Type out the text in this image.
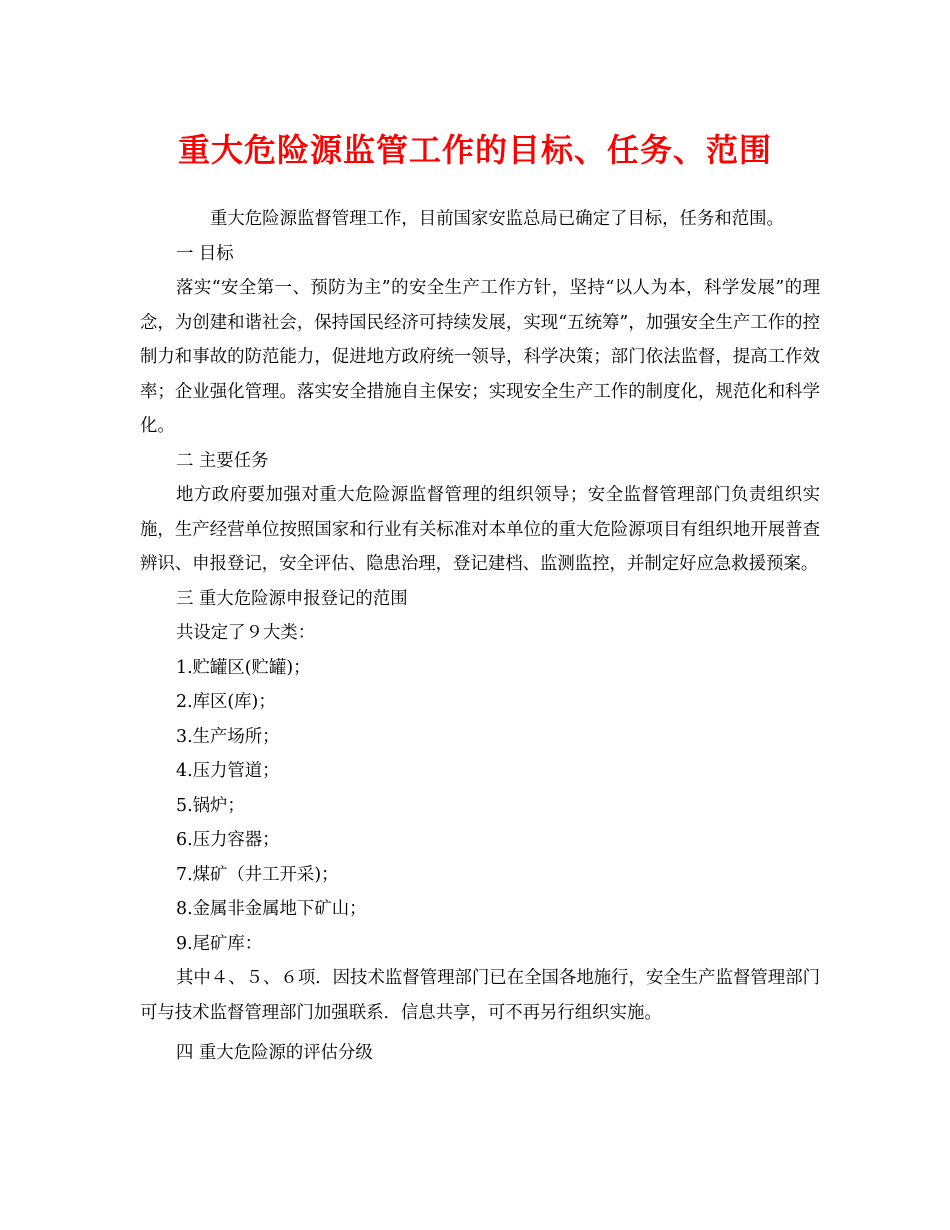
重大危险源监管工作的目标、任务、范围

重大危险源监督管理工作，目前国家安监总局已确定了目标，任务和范围。

一 目标

落实“安全第一、预防为主”的安全生产工作方针，坚持“以人为本，科学发展”的理念，为创建和谐社会，保持国民经济可持续发展，实现“五统筹”，加强安全生产工作的控制力和事故的防范能力，促进地方政府统一领导，科学决策；部门依法监督，提高工作效率；企业强化管理。落实安全措施自主保安；实现安全生产工作的制度化，规范化和科学化。

二 主要任务

地方政府要加强对重大危险源监督管理的组织领导；安全监督管理部门负责组织实施，生产经营单位按照国家和行业有关标准对本单位的重大危险源项目有组织地开展普查辨识、申报登记，安全评估、隐患治理，登记建档、监测监控，并制定好应急救援预案。

三 重大危险源申报登记的范围

共设定了９大类：

1.贮罐区(贮罐)；

2.库区(库)；

3.生产场所；

4.压力管道；

5.锅炉；

6.压力容器；

7.煤矿（井工开采)；

8.金属非金属地下矿山；

9.尾矿库：

其中４、５、６项．因技术监督管理部门已在全国各地施行，安全生产监督管理部门可与技术监督管理部门加强联系．信息共享，可不再另行组织实施。

四 重大危险源的评估分级
